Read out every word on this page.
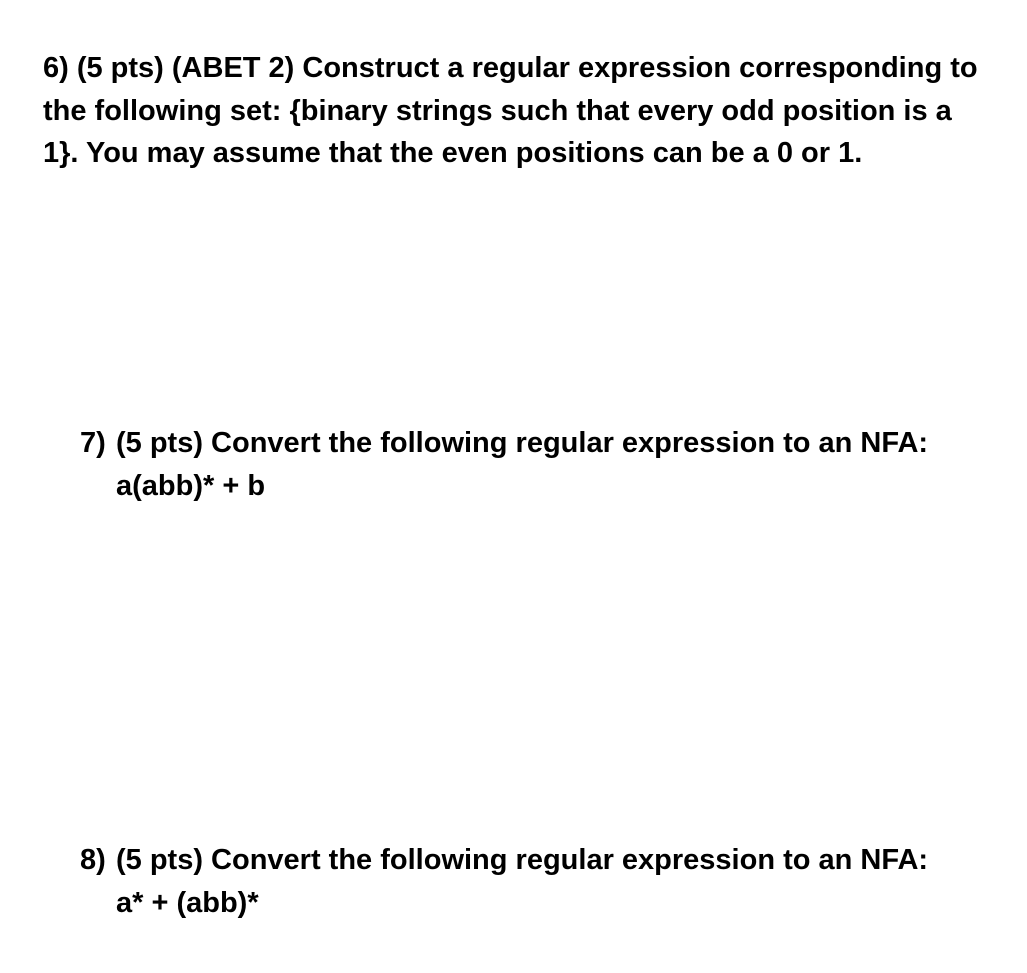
6) (5 pts) (ABET 2) Construct a regular expression corresponding to the following set: {binary strings such that every odd position is a 1}. You may assume that the even positions can be a 0 or 1.

7) (5 pts) Convert the following regular expression to an NFA: a(abb)* + b
8) (5 pts) Convert the following regular expression to an NFA: a* + (abb)*
